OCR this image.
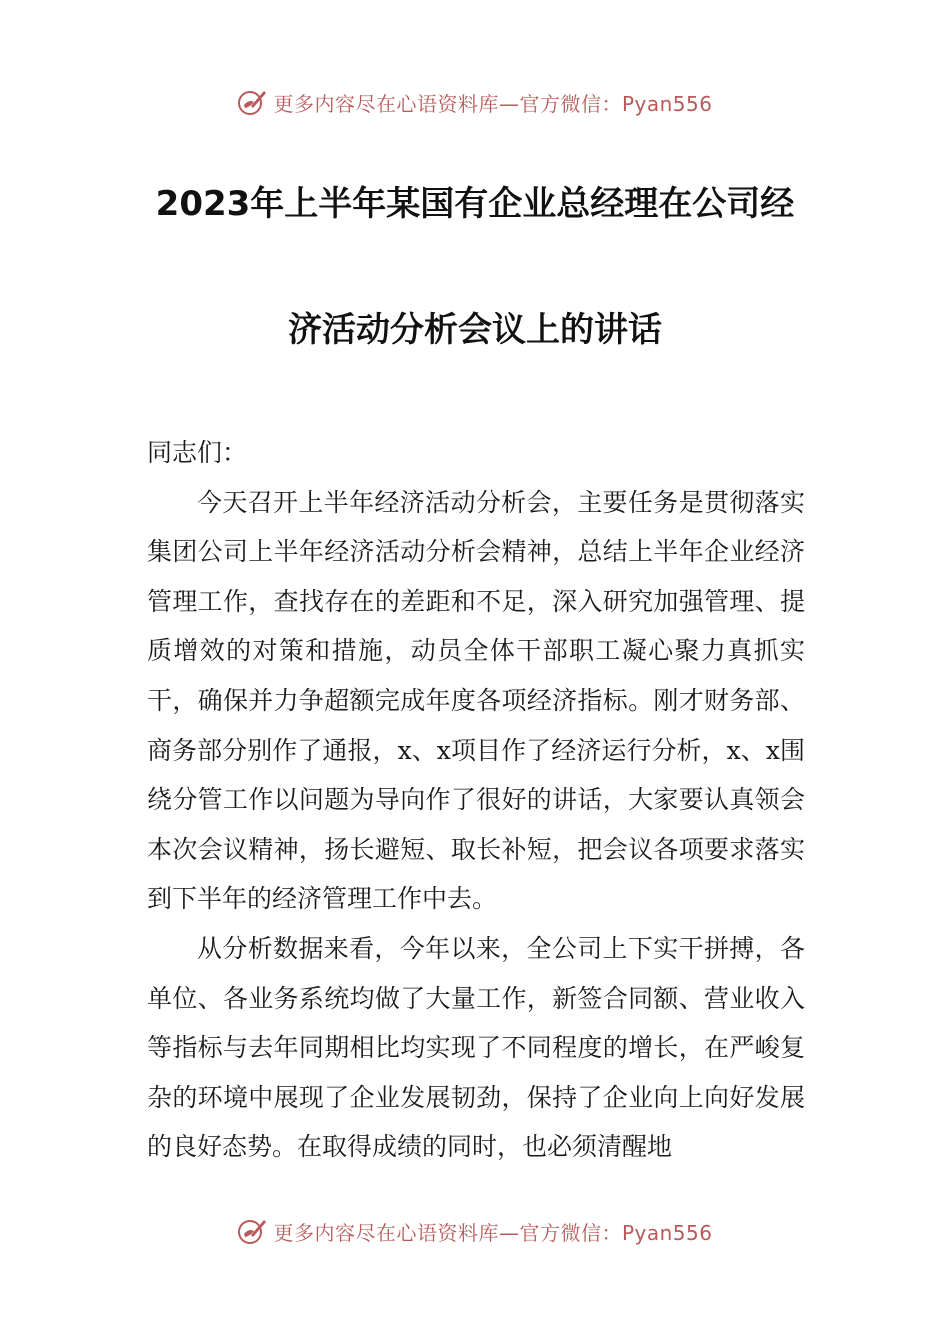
更多内容尽在心语资料库—官方微信：Pyan556
2023年上半年某国有企业总经理在公司经
济活动分析会议上的讲话

同志们：

今天召开上半年经济活动分析会，主要任务是贯彻落实集团公司上半年经济活动分析会精神，总结上半年企业经济管理工作，查找存在的差距和不足，深入研究加强管理、提质增效的对策和措施，动员全体干部职工凝心聚力真抓实干，确保并力争超额完成年度各项经济指标。刚才财务部、商务部分别作了通报，x、x项目作了经济运行分析，x、x围绕分管工作以问题为导向作了很好的讲话，大家要认真领会本次会议精神，扬长避短、取长补短，把会议各项要求落实到下半年的经济管理工作中去。

从分析数据来看，今年以来，全公司上下实干拼搏，各单位、各业务系统均做了大量工作，新签合同额、营业收入等指标与去年同期相比均实现了不同程度的增长，在严峻复杂的环境中展现了企业发展韧劲，保持了企业向上向好发展的良好态势。在取得成绩的同时，也必须清醒地

更多内容尽在心语资料库—官方微信：Pyan556
